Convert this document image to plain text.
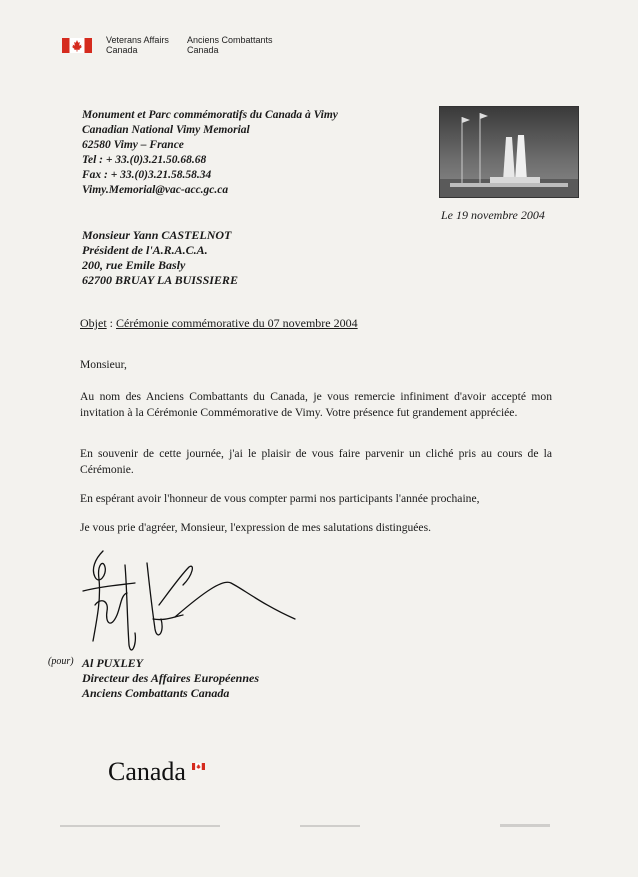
Veterans Affairs
Canada
Anciens Combattants
Canada
Monument et Parc commémoratifs du Canada à Vimy
Canadian National Vimy Memorial
62580 Vimy – France
Tel : + 33.(0)3.21.50.68.68
Fax : + 33.(0)3.21.58.58.34
Vimy.Memorial@vac-acc.gc.ca
Le 19 novembre 2004
Monsieur Yann CASTELNOT
Président de l'A.R.A.C.A.
200, rue Emile Basly
62700 BRUAY LA BUISSIERE
Objet : Cérémonie commémorative du 07 novembre 2004
Monsieur,
Au nom des Anciens Combattants du Canada, je vous remercie infiniment d'avoir accepté mon invitation à la Cérémonie Commémorative de Vimy. Votre présence fut grandement appréciée.
En souvenir de cette journée, j'ai le plaisir de vous faire parvenir un cliché pris au cours de la Cérémonie.
En espérant avoir l'honneur de vous compter parmi nos participants l'année prochaine,
Je vous prie d'agréer, Monsieur, l'expression de mes salutations distinguées.
(pour) Al PUXLEY
Directeur des Affaires Européennes
Anciens Combattants Canada
Canada
